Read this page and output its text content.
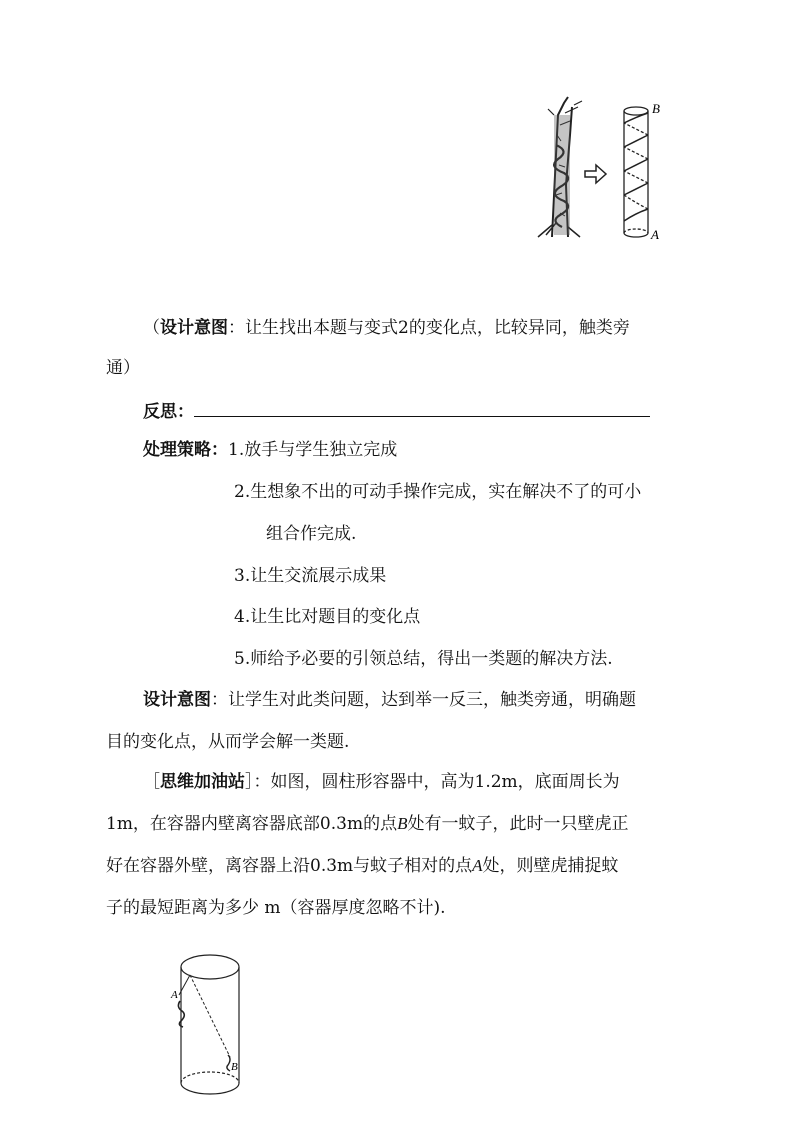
B
A
（设计意图：让生找出本题与变式2的变化点，比较异同，触类旁
通）
反思：
处理策略：1.放手与学生独立完成
2.生想象不出的可动手操作完成，实在解决不了的可小
组合作完成.
3.让生交流展示成果
4.让生比对题目的变化点
5.师给予必要的引领总结，得出一类题的解决方法.
设计意图：让学生对此类问题，达到举一反三，触类旁通，明确题
目的变化点，从而学会解一类题.
［思维加油站］：如图，圆柱形容器中，高为1.2m，底面周长为
1m，在容器内壁离容器底部0.3m的点B处有一蚊子，此时一只壁虎正
好在容器外壁，离容器上沿0.3m与蚊子相对的点A处，则壁虎捕捉蚊
子的最短距离为多少 m（容器厚度忽略不计).
A
B
